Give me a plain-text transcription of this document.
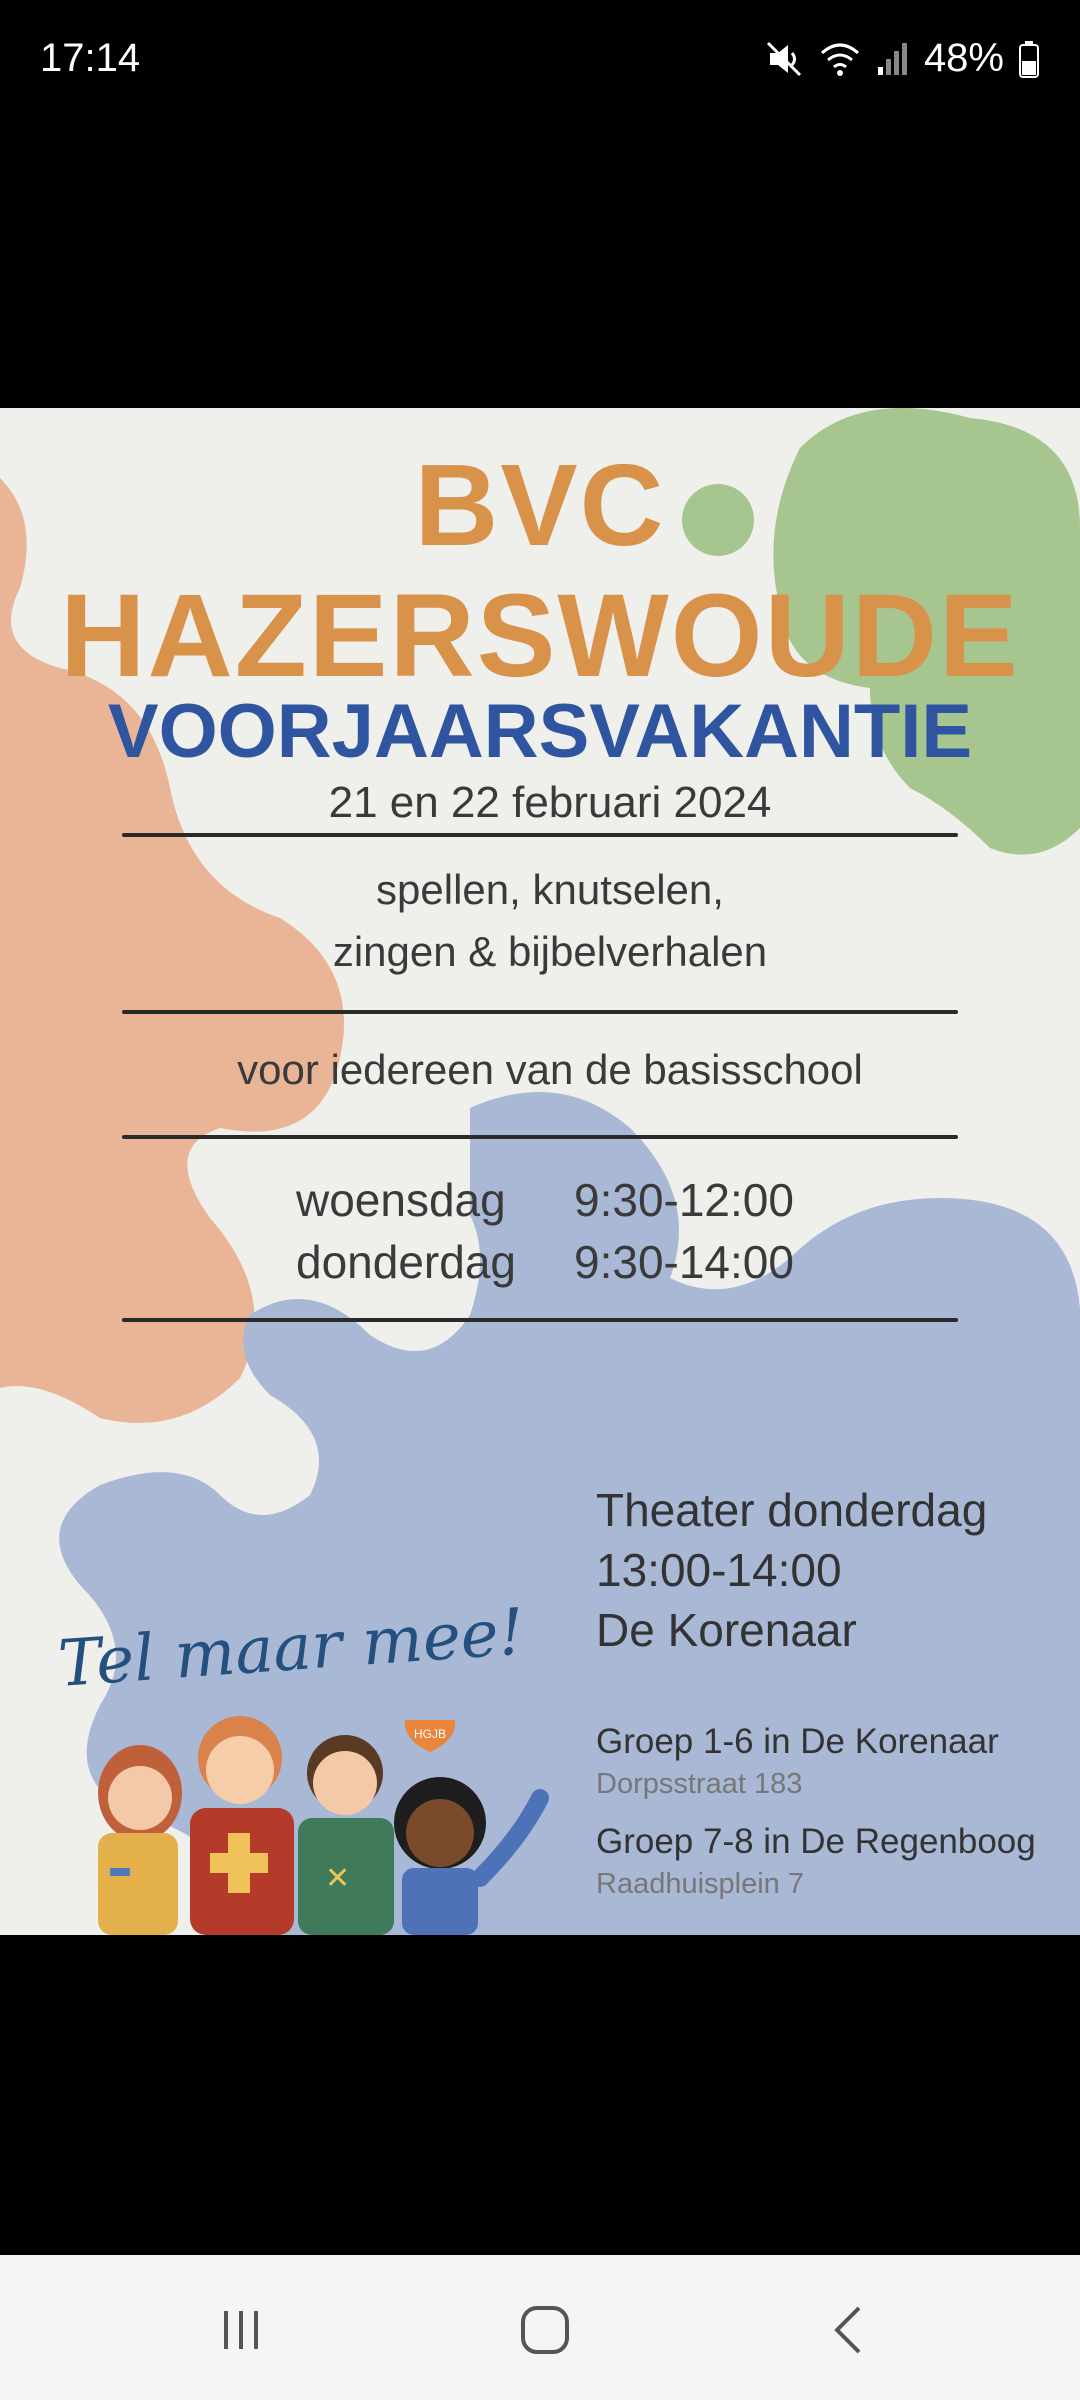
17:14	48%
BVC
HAZERSWOUDE
VOORJAARSVAKANTIE
21 en 22 februari 2024
spellen, knutselen,
zingen & bijbelverhalen
voor iedereen van de basisschool
woensdag 9:30-12:00
donderdag 9:30-14:00
Theater donderdag
13:00-14:00
De Korenaar
Groep 1-6 in De Korenaar
Dorpsstraat 183
Groep 7-8 in De Regenboog
Raadhuisplein 7
Tel maar mee!
HGJB
✕
